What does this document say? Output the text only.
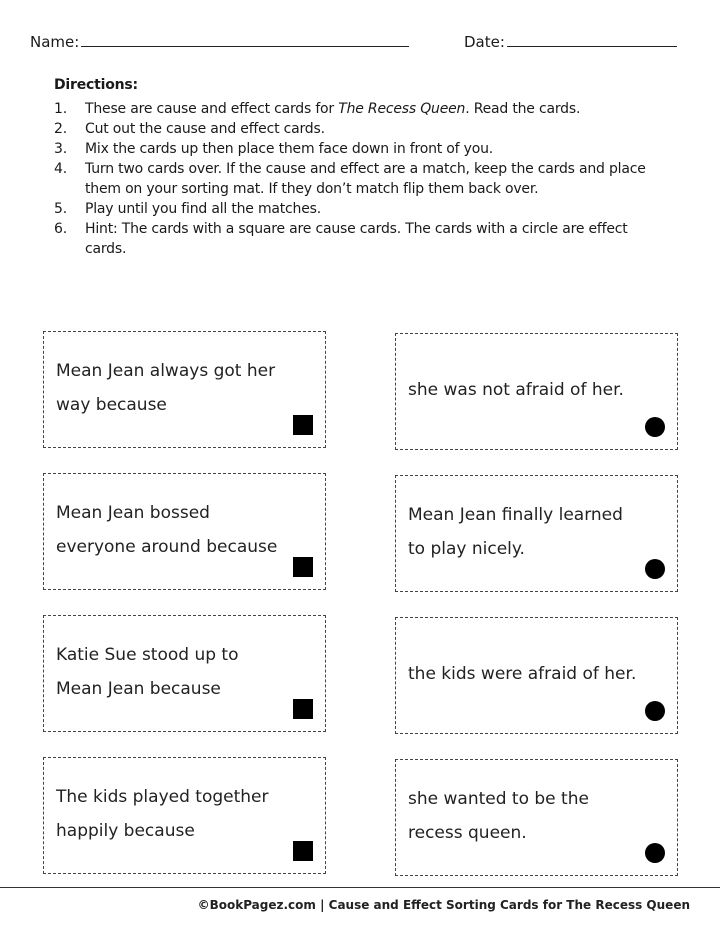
Name:	Date:
Directions:
1. These are cause and effect cards for The Recess Queen. Read the cards.
2. Cut out the cause and effect cards.
3. Mix the cards up then place them face down in front of you.
4. Turn two cards over. If the cause and effect are a match, keep the cards and place them on your sorting mat. If they don’t match flip them back over.
5. Play until you find all the matches.
6. Hint: The cards with a square are cause cards. The cards with a circle are effect cards.
Mean Jean always got her
way because
Mean Jean bossed
everyone around because
Katie Sue stood up to
Mean Jean because
The kids played together
happily because
she was not afraid of her.
Mean Jean finally learned
to play nicely.
the kids were afraid of her.
she wanted to be the
recess queen.
©BookPagez.com | Cause and Effect Sorting Cards for The Recess Queen
